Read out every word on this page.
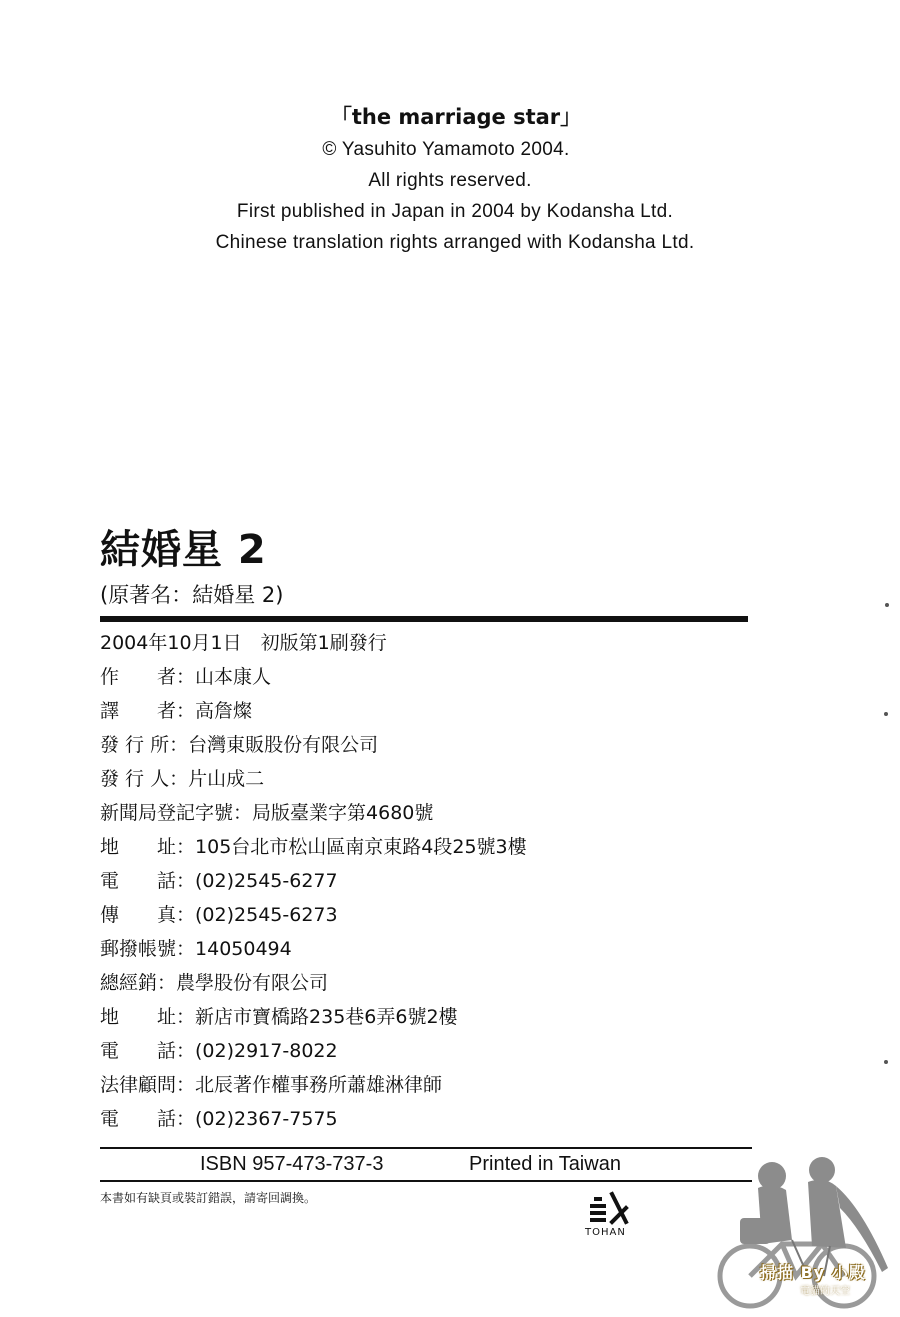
「the marriage star」
© Yasuhito Yamamoto 2004.
All rights reserved.
First published in Japan in 2004 by Kodansha Ltd.
Chinese translation rights arranged with Kodansha Ltd.
結婚星 2
(原著名：結婚星 2)
2004年10月1日　初版第1刷發行
作　　者： 山本康人
譯　　者： 高詹燦
發 行 所： 台灣東販股份有限公司
發 行 人： 片山成二
新聞局登記字號： 局版臺業字第4680號
地　　址： 105台北市松山區南京東路4段25號3樓
電　　話： (02)2545-6277
傳　　真： (02)2545-6273
郵撥帳號： 14050494
總經銷： 農學股份有限公司
地　　址： 新店市寶橋路235巷6弄6號2樓
電　　話： (02)2917-8022
法律顧問： 北辰著作權事務所蕭雄淋律師
電　　話： (02)2367-7575
ISBN 957-473-737-3	Printed in Taiwan
本書如有缺頁或裝訂錯誤，請寄回調換。
TOHAN
掃描 By 小殿
電貓的天空
